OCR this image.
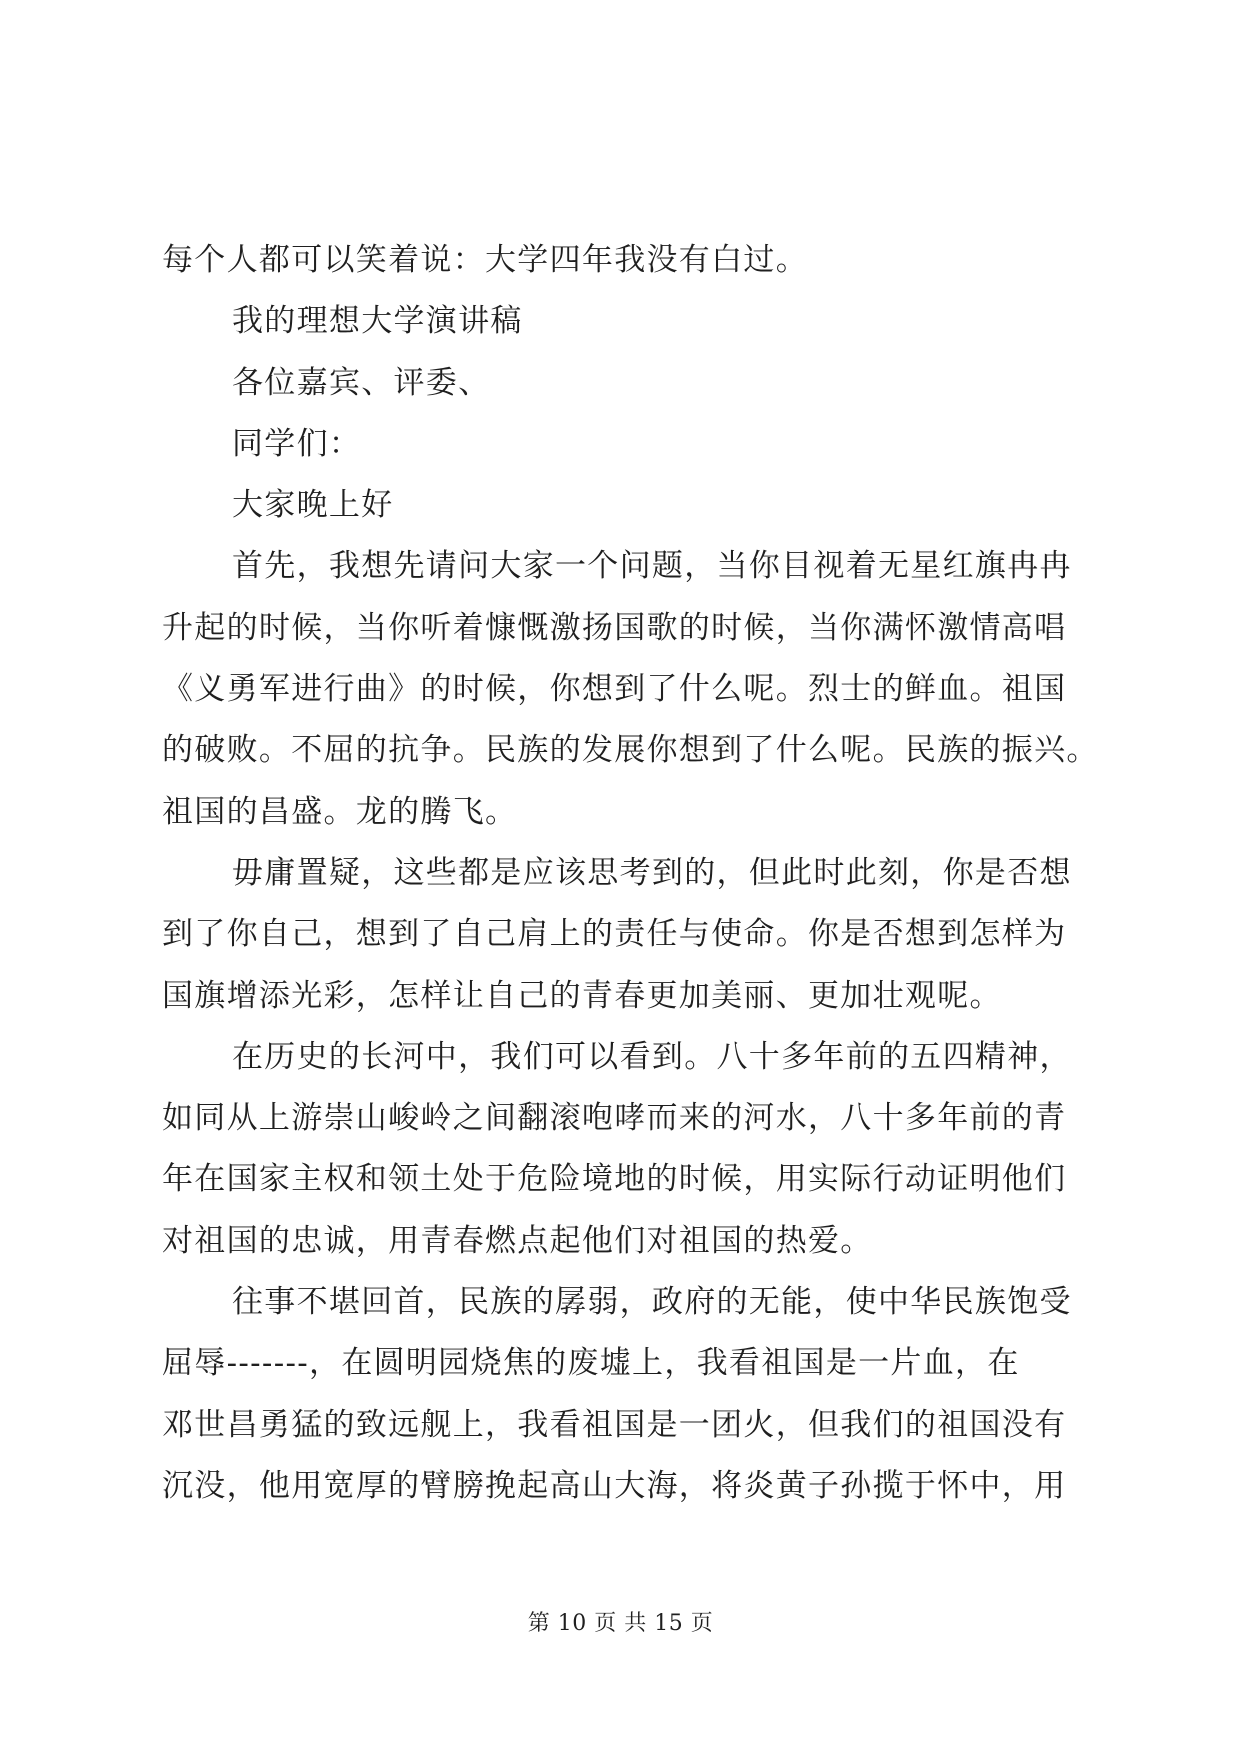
每个人都可以笑着说：大学四年我没有白过。
我的理想大学演讲稿
各位嘉宾、评委、
同学们：
大家晚上好
首先，我想先请问大家一个问题，当你目视着无星红旗冉冉
升起的时候，当你听着慷慨激扬国歌的时候，当你满怀激情高唱
《义勇军进行曲》的时候，你想到了什么呢。烈士的鲜血。祖国
的破败。不屈的抗争。民族的发展你想到了什么呢。民族的振兴。
祖国的昌盛。龙的腾飞。
毋庸置疑，这些都是应该思考到的，但此时此刻，你是否想
到了你自己，想到了自己肩上的责任与使命。你是否想到怎样为
国旗增添光彩，怎样让自己的青春更加美丽、更加壮观呢。
在历史的长河中，我们可以看到。八十多年前的五四精神，
如同从上游崇山峻岭之间翻滚咆哮而来的河水，八十多年前的青
年在国家主权和领土处于危险境地的时候，用实际行动证明他们
对祖国的忠诚，用青春燃点起他们对祖国的热爱。
往事不堪回首，民族的孱弱，政府的无能，使中华民族饱受
屈辱-------，在圆明园烧焦的废墟上，我看祖国是一片血，在
邓世昌勇猛的致远舰上，我看祖国是一团火，但我们的祖国没有
沉没，他用宽厚的臂膀挽起高山大海，将炎黄子孙揽于怀中，用
第 10 页 共 15 页
